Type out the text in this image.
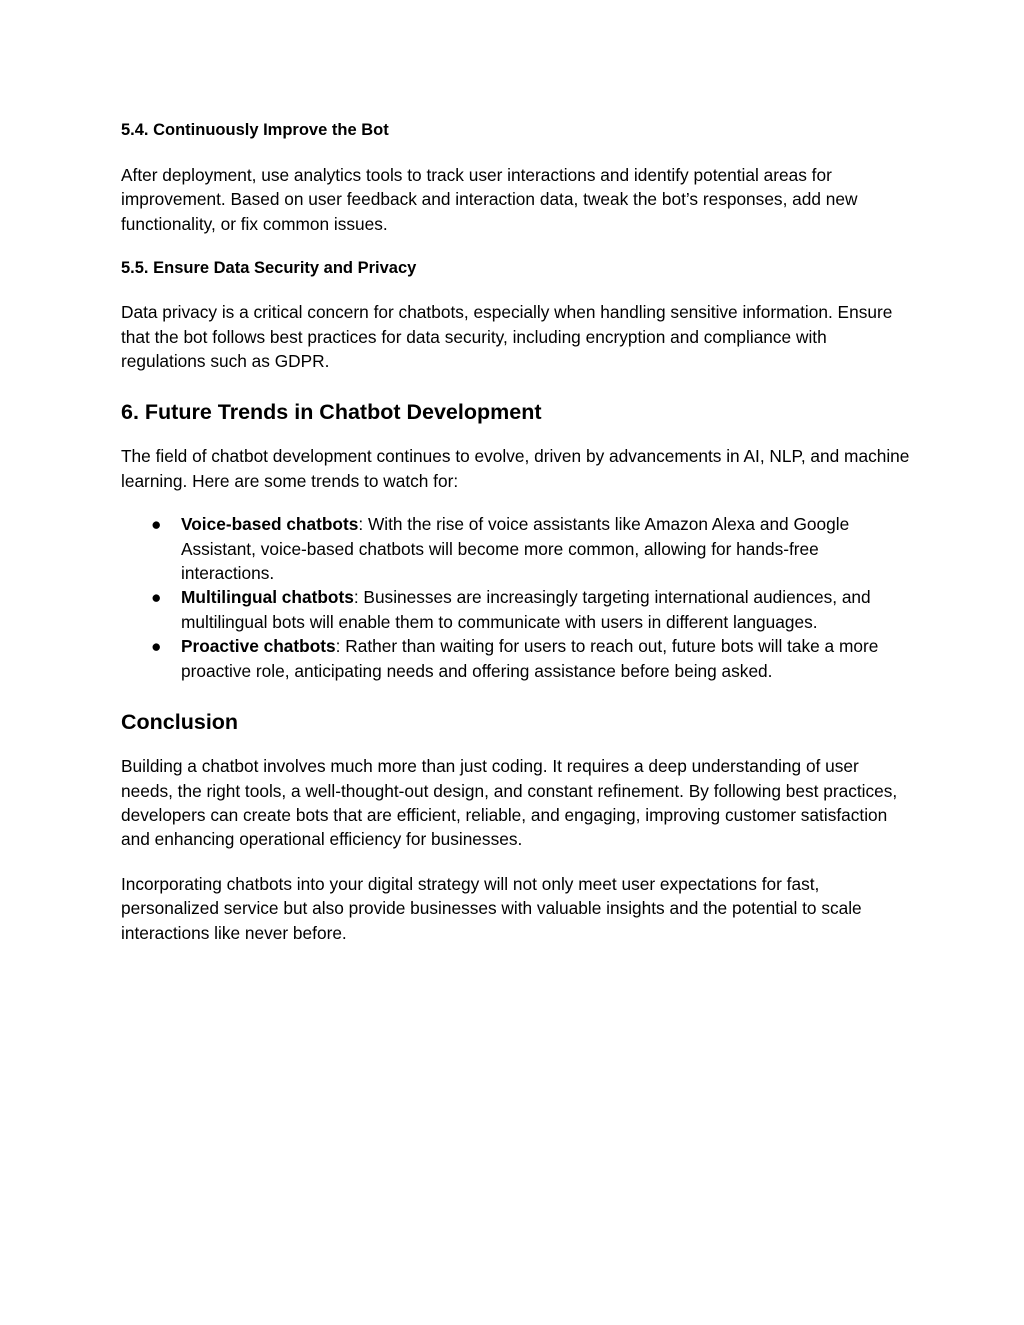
5.4. Continuously Improve the Bot

After deployment, use analytics tools to track user interactions and identify potential areas for improvement. Based on user feedback and interaction data, tweak the bot’s responses, add new functionality, or fix common issues.

5.5. Ensure Data Security and Privacy

Data privacy is a critical concern for chatbots, especially when handling sensitive information. Ensure that the bot follows best practices for data security, including encryption and compliance with regulations such as GDPR.

6. Future Trends in Chatbot Development

The field of chatbot development continues to evolve, driven by advancements in AI, NLP, and machine learning. Here are some trends to watch for:

● Voice-based chatbots: With the rise of voice assistants like Amazon Alexa and Google Assistant, voice-based chatbots will become more common, allowing for hands-free interactions.
● Multilingual chatbots: Businesses are increasingly targeting international audiences, and multilingual bots will enable them to communicate with users in different languages.
● Proactive chatbots: Rather than waiting for users to reach out, future bots will take a more proactive role, anticipating needs and offering assistance before being asked.

Conclusion

Building a chatbot involves much more than just coding. It requires a deep understanding of user needs, the right tools, a well-thought-out design, and constant refinement. By following best practices, developers can create bots that are efficient, reliable, and engaging, improving customer satisfaction and enhancing operational efficiency for businesses.

Incorporating chatbots into your digital strategy will not only meet user expectations for fast, personalized service but also provide businesses with valuable insights and the potential to scale interactions like never before.
